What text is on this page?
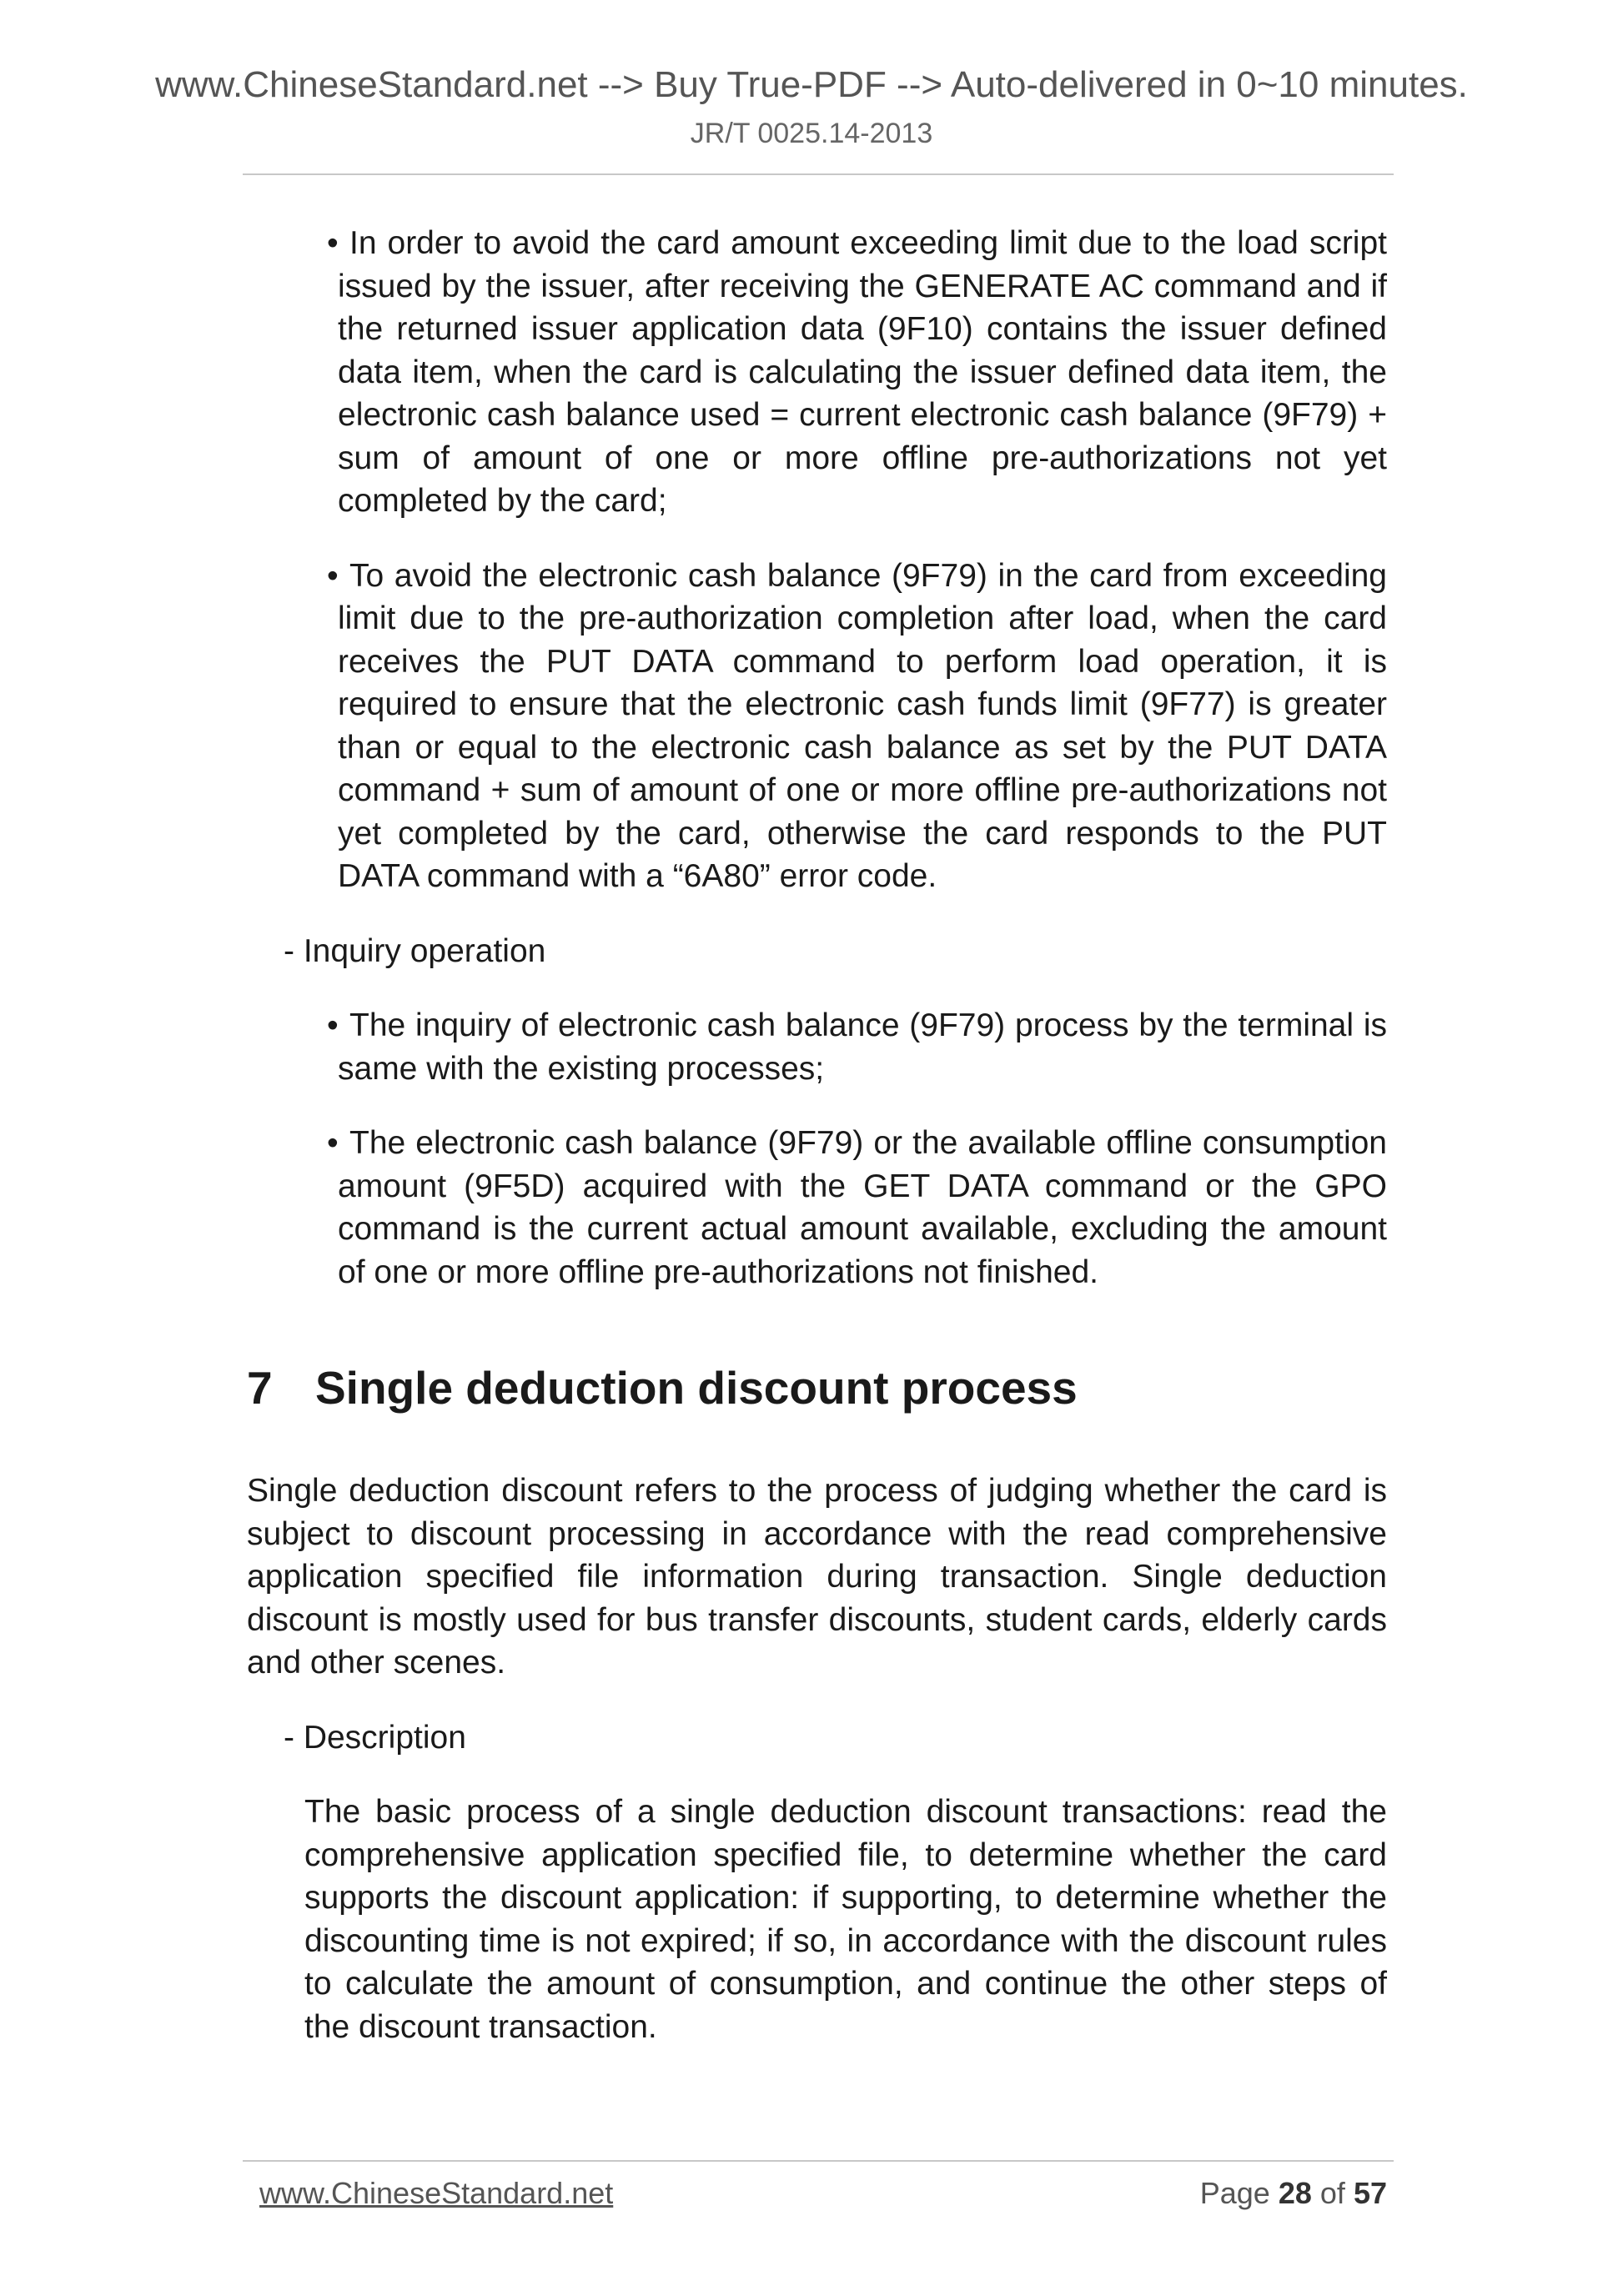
www.ChineseStandard.net --> Buy True-PDF --> Auto-delivered in 0~10 minutes.
JR/T 0025.14-2013
• In order to avoid the card amount exceeding limit due to the load script issued by the issuer, after receiving the GENERATE AC command and if the returned issuer application data (9F10) contains the issuer defined data item, when the card is calculating the issuer defined data item, the electronic cash balance used = current electronic cash balance (9F79) + sum of amount of one or more offline pre-authorizations not yet completed by the card;
• To avoid the electronic cash balance (9F79) in the card from exceeding limit due to the pre-authorization completion after load, when the card receives the PUT DATA command to perform load operation, it is required to ensure that the electronic cash funds limit (9F77) is greater than or equal to the electronic cash balance as set by the PUT DATA command + sum of amount of one or more offline pre-authorizations not yet completed by the card, otherwise the card responds to the PUT DATA command with a “6A80” error code.
- Inquiry operation
• The inquiry of electronic cash balance (9F79) process by the terminal is same with the existing processes;
• The electronic cash balance (9F79) or the available offline consumption amount (9F5D) acquired with the GET DATA command or the GPO command is the current actual amount available, excluding the amount of one or more offline pre-authorizations not finished.
7 Single deduction discount process
Single deduction discount refers to the process of judging whether the card is subject to discount processing in accordance with the read comprehensive application specified file information during transaction. Single deduction discount is mostly used for bus transfer discounts, student cards, elderly cards and other scenes.
- Description
The basic process of a single deduction discount transactions: read the comprehensive application specified file, to determine whether the card supports the discount application: if supporting, to determine whether the discounting time is not expired; if so, in accordance with the discount rules to calculate the amount of consumption, and continue the other steps of the discount transaction.
www.ChineseStandard.net	Page 28 of 57
